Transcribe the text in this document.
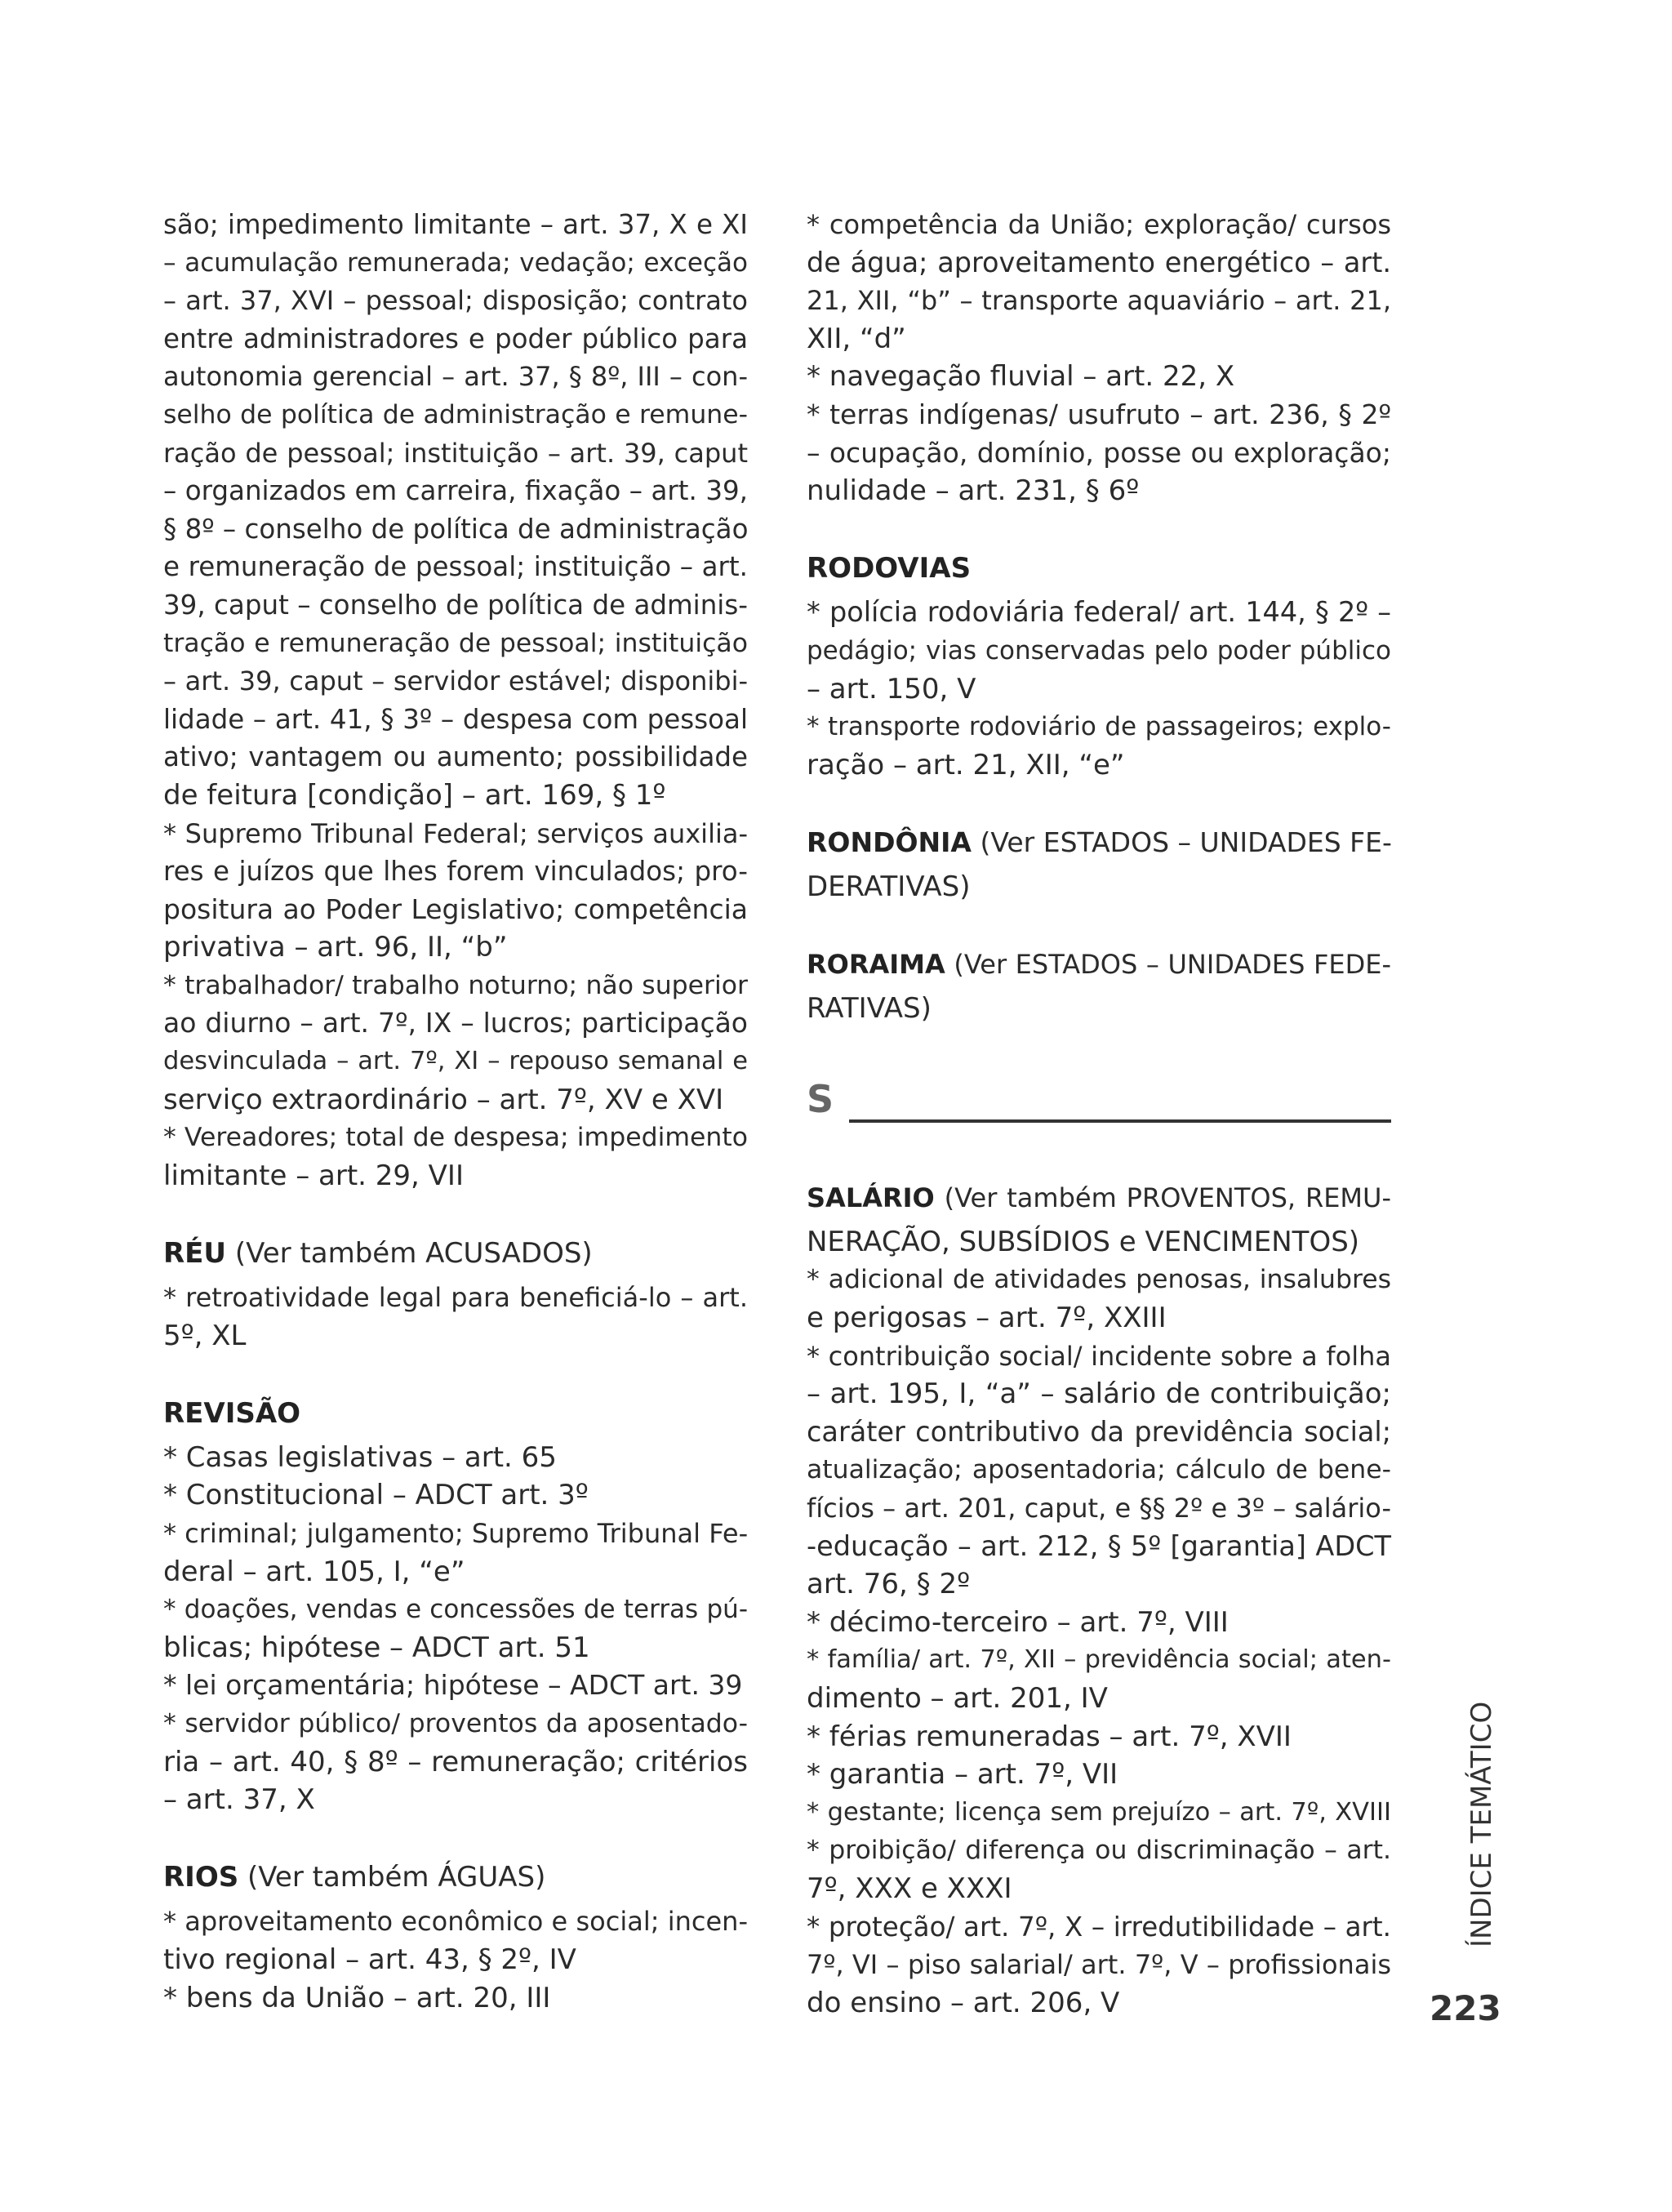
são; impedimento limitante – art. 37, X e XI
– acumulação remunerada; vedação; exceção
– art. 37, XVI – pessoal; disposição; contrato
entre administradores e poder público para
autonomia gerencial – art. 37, § 8º, III – con-
selho de política de administração e remune-
ração de pessoal; instituição – art. 39, caput
– organizados em carreira, fixação – art. 39,
§ 8º – conselho de política de administração
e remuneração de pessoal; instituição – art.
39, caput – conselho de política de adminis-
tração e remuneração de pessoal; instituição
– art. 39, caput – servidor estável; disponibi-
lidade – art. 41, § 3º – despesa com pessoal
ativo; vantagem ou aumento; possibilidade
de feitura [condição] – art. 169, § 1º
* Supremo Tribunal Federal; serviços auxilia-
res e juízos que lhes forem vinculados; pro-
positura ao Poder Legislativo; competência
privativa – art. 96, II, “b”
* trabalhador/ trabalho noturno; não superior
ao diurno – art. 7º, IX – lucros; participação
desvinculada – art. 7º, XI – repouso semanal e
serviço extraordinário – art. 7º, XV e XVI
* Vereadores; total de despesa; impedimento
limitante – art. 29, VII
RÉU (Ver também ACUSADOS)
* retroatividade legal para beneficiá-lo – art.
5º, XL
REVISÃO
* Casas legislativas – art. 65
* Constitucional – ADCT art. 3º
* criminal; julgamento; Supremo Tribunal Fe-
deral – art. 105, I, “e”
* doações, vendas e concessões de terras pú-
blicas; hipótese – ADCT art. 51
* lei orçamentária; hipótese – ADCT art. 39
* servidor público/ proventos da aposentado-
ria – art. 40, § 8º – remuneração; critérios
– art. 37, X
RIOS (Ver também ÁGUAS)
* aproveitamento econômico e social; incen-
tivo regional – art. 43, § 2º, IV
* bens da União – art. 20, III
* competência da União; exploração/ cursos
de água; aproveitamento energético – art.
21, XII, “b” – transporte aquaviário – art. 21,
XII, “d”
* navegação fluvial – art. 22, X
* terras indígenas/ usufruto – art. 236, § 2º
– ocupação, domínio, posse ou exploração;
nulidade – art. 231, § 6º
RODOVIAS
* polícia rodoviária federal/ art. 144, § 2º –
pedágio; vias conservadas pelo poder público
– art. 150, V
* transporte rodoviário de passageiros; explo-
ração – art. 21, XII, “e”
RONDÔNIA (Ver ESTADOS – UNIDADES FE-
DERATIVAS)
RORAIMA (Ver ESTADOS – UNIDADES FEDE-
RATIVAS)
S
SALÁRIO (Ver também PROVENTOS, REMU-
NERAÇÃO, SUBSÍDIOS e VENCIMENTOS)
* adicional de atividades penosas, insalubres
e perigosas – art. 7º, XXIII
* contribuição social/ incidente sobre a folha
– art. 195, I, “a” – salário de contribuição;
caráter contributivo da previdência social;
atualização; aposentadoria; cálculo de bene-
fícios – art. 201, caput, e §§ 2º e 3º – salário-
-educação – art. 212, § 5º [garantia] ADCT
art. 76, § 2º
* décimo-terceiro – art. 7º, VIII
* família/ art. 7º, XII – previdência social; aten-
dimento – art. 201, IV
* férias remuneradas – art. 7º, XVII
* garantia – art. 7º, VII
* gestante; licença sem prejuízo – art. 7º, XVIII
* proibição/ diferença ou discriminação – art.
7º, XXX e XXXI
* proteção/ art. 7º, X – irredutibilidade – art.
7º, VI – piso salarial/ art. 7º, V – profissionais
do ensino – art. 206, V
ÍNDICE TEMÁTICO
223
